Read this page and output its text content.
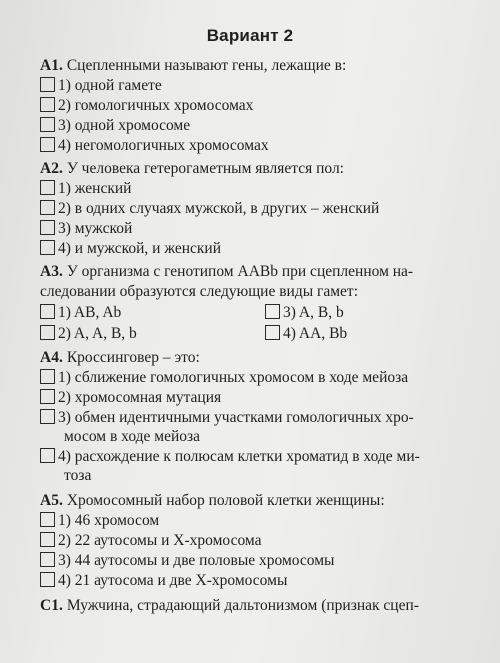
Вариант 2
А1. Сцепленными называют гены, лежащие в:
1) одной гамете
2) гомологичных хромосомах
3) одной хромосоме
4) негомологичных хромосомах
А2. У человека гетерогаметным является пол:
1) женский
2) в одних случаях мужской, в других – женский
3) мужской
4) и мужской, и женский
А3. У организма с генотипом AABb при сцепленном на-
следовании образуются следующие виды гамет:
1) AB, Ab	3) A, B, b
2) A, A, B, b	4) AA, Bb
А4. Кроссинговер – это:
1) сближение гомологичных хромосом в ходе мейоза
2) хромосомная мутация
3) обмен идентичными участками гомологичных хро-
мосом в ходе мейоза
4) расхождение к полюсам клетки хроматид в ходе ми-
тоза
А5. Хромосомный набор половой клетки женщины:
1) 46 хромосом
2) 22 аутосомы и X-хромосома
3) 44 аутосомы и две половые хромосомы
4) 21 аутосома и две X-хромосомы
С1. Мужчина, страдающий дальтонизмом (признак сцеп-
